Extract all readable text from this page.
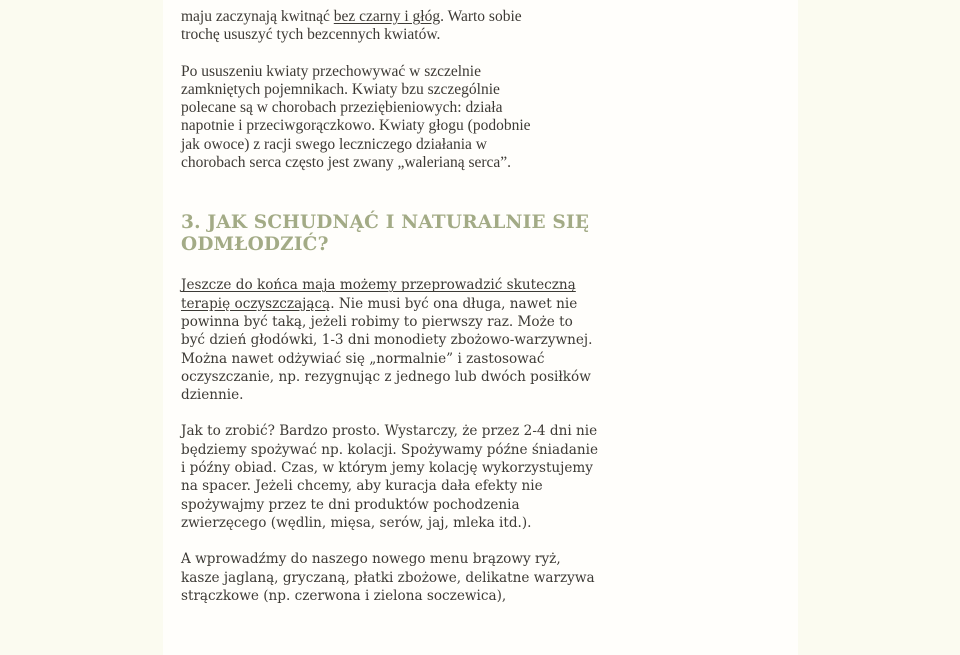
maju zaczynają kwitnąć bez czarny i głóg. Warto sobie trochę ususzyć tych bezcennych kwiatów.

Po ususzeniu kwiaty przechowywać w szczelnie zamkniętych pojemnikach. Kwiaty bzu szczególnie polecane są w chorobach przeziębieniowych: działa napotnie i przeciwgorączkowo. Kwiaty głogu (podobnie jak owoce) z racji swego leczniczego działania w chorobach serca często jest zwany „walerianą serca”.

3. JAK SCHUDNĄĆ I NATURALNIE SIĘ ODMŁODZIĆ?

Jeszcze do końca maja możemy przeprowadzić skuteczną terapię oczyszczającą. Nie musi być ona długa, nawet nie powinna być taką, jeżeli robimy to pierwszy raz. Może to być dzień głodówki, 1-3 dni monodiety zbożowo-warzywnej. Można nawet odżywiać się „normalnie” i zastosować oczyszczanie, np. rezygnując z jednego lub dwóch posiłków dziennie.

Jak to zrobić? Bardzo prosto. Wystarczy, że przez 2-4 dni nie będziemy spożywać np. kolacji. Spożywamy późne śniadanie i późny obiad. Czas, w którym jemy kolację wykorzystujemy na spacer. Jeżeli chcemy, aby kuracja dała efekty nie spożywajmy przez te dni produktów pochodzenia zwierzęcego (wędlin, mięsa, serów, jaj, mleka itd.).

A wprowadźmy do naszego nowego menu brązowy ryż, kasze jaglaną, gryczaną, płatki zbożowe, delikatne warzywa strączkowe (np. czerwona i zielona soczewica),
